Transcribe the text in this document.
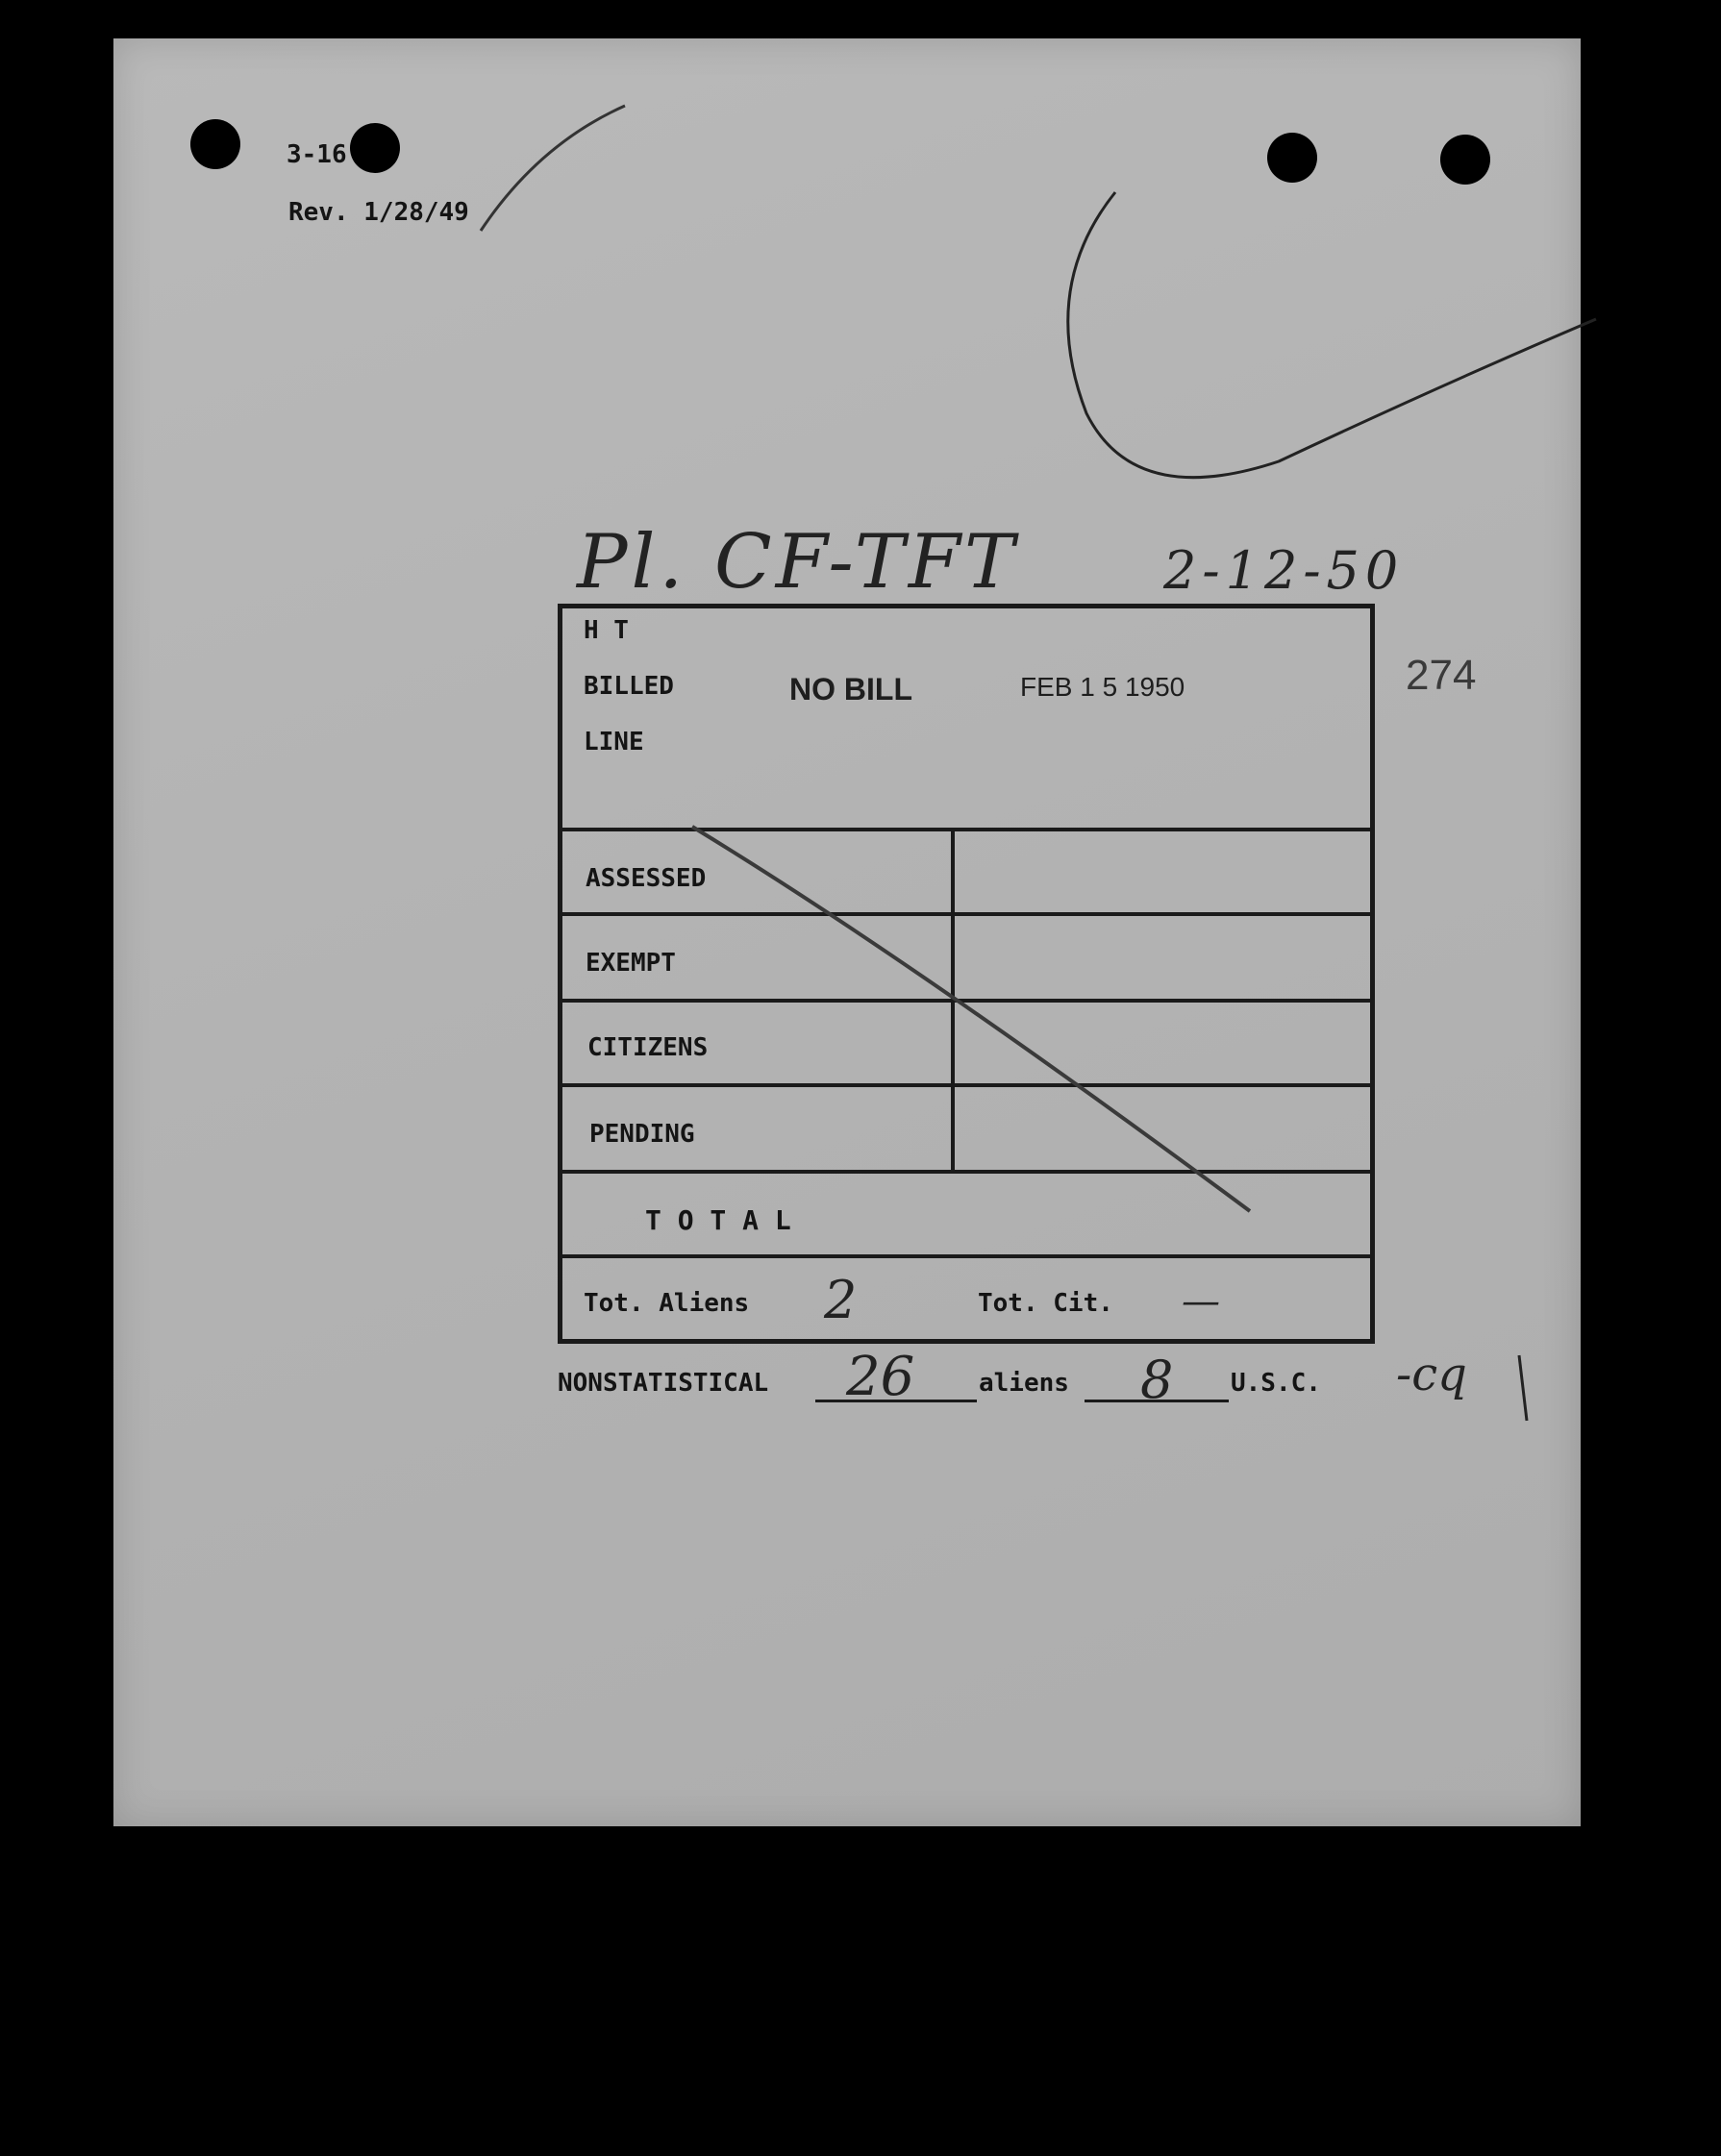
3-16
Rev. 1/28/49
Pl. CF-TFT	2-12-50
274
H T
BILLED	NO BILL	FEB 1 5 1950
LINE
ASSESSED
EXEMPT
CITIZENS
PENDING
T O T A L
Tot. Aliens 2	Tot. Cit. —
NONSTATISTICAL 26	aliens 8 U.S.C. -cq
